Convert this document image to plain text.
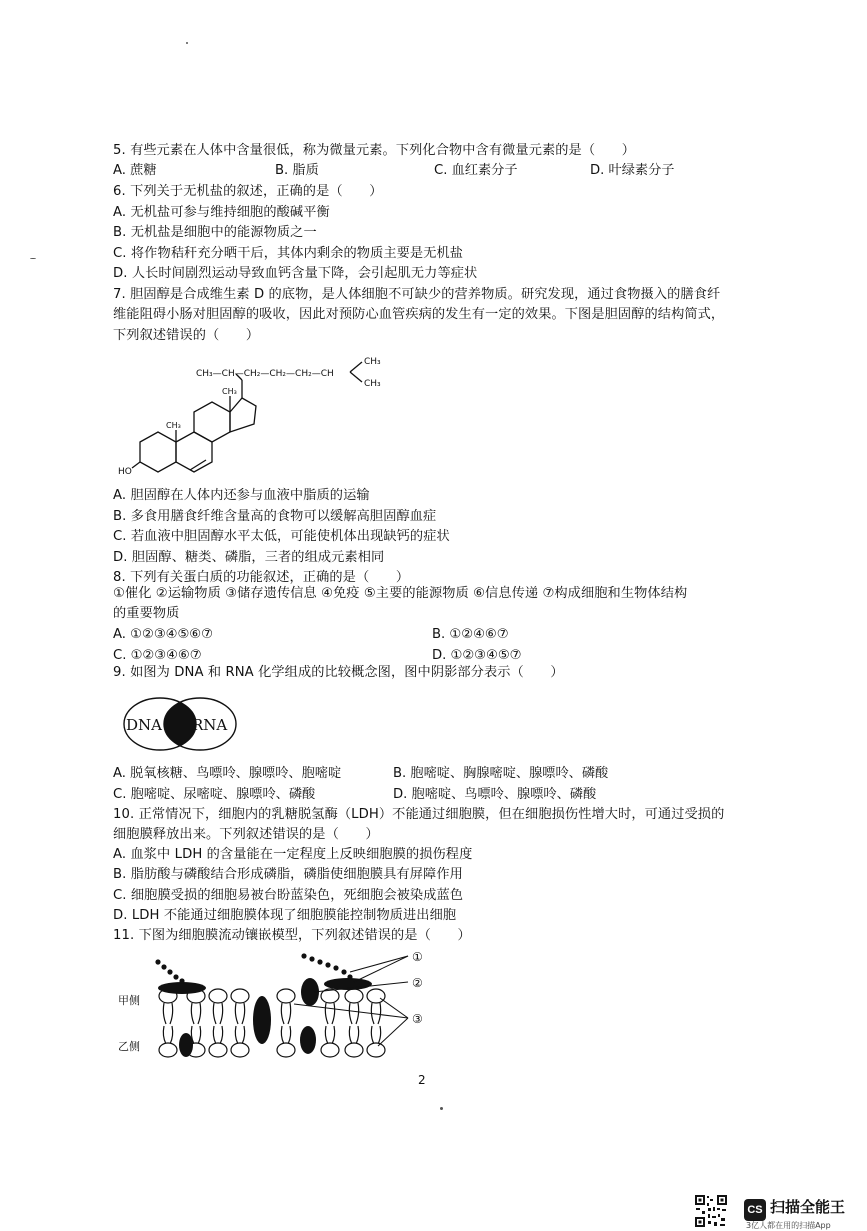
5. 有些元素在人体中含量很低，称为微量元素。下列化合物中含有微量元素的是（　　）
A. 蔗糖	B. 脂质	C. 血红素分子	D. 叶绿素分子
6. 下列关于无机盐的叙述，正确的是（　　）
A. 无机盐可参与维持细胞的酸碱平衡
B. 无机盐是细胞中的能源物质之一
C. 将作物秸秆充分晒干后，其体内剩余的物质主要是无机盐
D. 人长时间剧烈运动导致血钙含量下降，会引起肌无力等症状
7. 胆固醇是合成维生素 D 的底物，是人体细胞不可缺少的营养物质。研究发现，通过食物摄入的膳食纤
维能阻碍小肠对胆固醇的吸收，因此对预防心血管疾病的发生有一定的效果。下图是胆固醇的结构简式，
下列叙述错误的（　　）
CH₃—CH—CH₂—CH₂—CH₂—CH
CH₃
CH₃
CH₃
CH₃
HO
A. 胆固醇在人体内还参与血液中脂质的运输
B. 多食用膳食纤维含量高的食物可以缓解高胆固醇血症
C. 若血液中胆固醇水平太低，可能使机体出现缺钙的症状
D. 胆固醇、糖类、磷脂，三者的组成元素相同
8. 下列有关蛋白质的功能叙述，正确的是（　　）
①催化 ②运输物质 ③储存遗传信息 ④免疫 ⑤主要的能源物质 ⑥信息传递 ⑦构成细胞和生物体结构
的重要物质
A. ①②③④⑤⑥⑦	B. ①②④⑥⑦
C. ①②③④⑥⑦	D. ①②③④⑤⑦
9. 如图为 DNA 和 RNA 化学组成的比较概念图，图中阴影部分表示（　　）
DNA RNA
A. 脱氧核糖、鸟嘌呤、腺嘌呤、胞嘧啶	B. 胞嘧啶、胸腺嘧啶、腺嘌呤、磷酸
C. 胞嘧啶、尿嘧啶、腺嘌呤、磷酸	D. 胞嘧啶、鸟嘌呤、腺嘌呤、磷酸
10. 正常情况下，细胞内的乳糖脱氢酶（LDH）不能通过细胞膜，但在细胞损伤性增大时，可通过受损的
细胞膜释放出来。下列叙述错误的是（　　）
A. 血浆中 LDH 的含量能在一定程度上反映细胞膜的损伤程度
B. 脂肪酸与磷酸结合形成磷脂，磷脂使细胞膜具有屏障作用
C. 细胞膜受损的细胞易被台盼蓝染色，死细胞会被染成蓝色
D. LDH 不能通过细胞膜体现了细胞膜能控制物质进出细胞
11. 下图为细胞膜流动镶嵌模型，下列叙述错误的是（　　）
①
②
③
甲侧
乙侧
2
CS 扫描全能王
3亿人都在用的扫描App
